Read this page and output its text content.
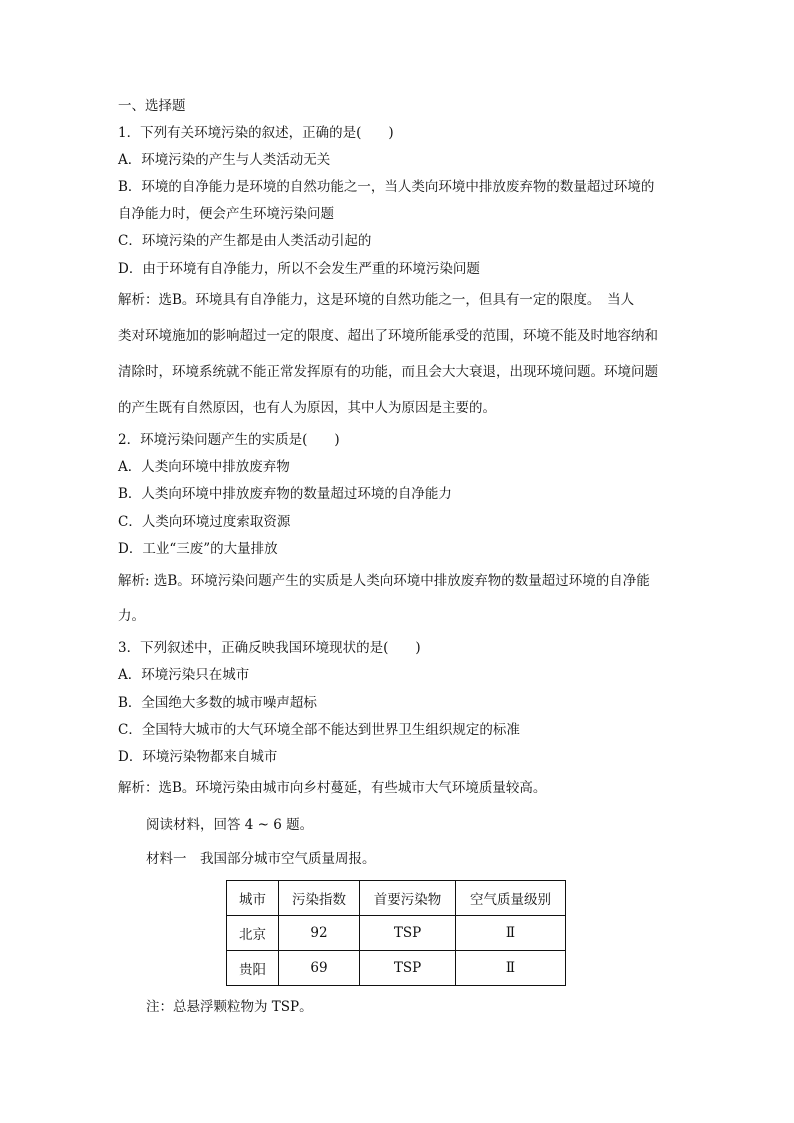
一、选择题
1．下列有关环境污染的叙述，正确的是(　　)
A．环境污染的产生与人类活动无关
B．环境的自净能力是环境的自然功能之一，当人类向环境中排放废弃物的数量超过环境的
自净能力时，便会产生环境污染问题
C．环境污染的产生都是由人类活动引起的
D．由于环境有自净能力，所以不会发生严重的环境污染问题
解析：选B。环境具有自净能力，这是环境的自然功能之一，但具有一定的限度。　当人
类对环境施加的影响超过一定的限度、超出了环境所能承受的范围，环境不能及时地容纳和
清除时，环境系统就不能正常发挥原有的功能，而且会大大衰退，出现环境问题。环境问题
的产生既有自然原因，也有人为原因，其中人为原因是主要的。
2．环境污染问题产生的实质是(　　)
A．人类向环境中排放废弃物
B．人类向环境中排放废弃物的数量超过环境的自净能力
C．人类向环境过度索取资源
D．工业“三废”的大量排放
解析: 选B。环境污染问题产生的实质是人类向环境中排放废弃物的数量超过环境的自净能
力。
3．下列叙述中，正确反映我国环境现状的是(　　)
A．环境污染只在城市
B．全国绝大多数的城市噪声超标
C．全国特大城市的大气环境全部不能达到世界卫生组织规定的标准
D．环境污染物都来自城市
解析：选B。环境污染由城市向乡村蔓延，有些城市大气环境质量较高。
阅读材料，回答 4 ~ 6 题。
材料一　我国部分城市空气质量周报。
城市	污染指数	首要污染物	空气质量级别
北京	92	TSP	Ⅱ
贵阳	69	TSP	Ⅱ
注：总悬浮颗粒物为 TSP。
